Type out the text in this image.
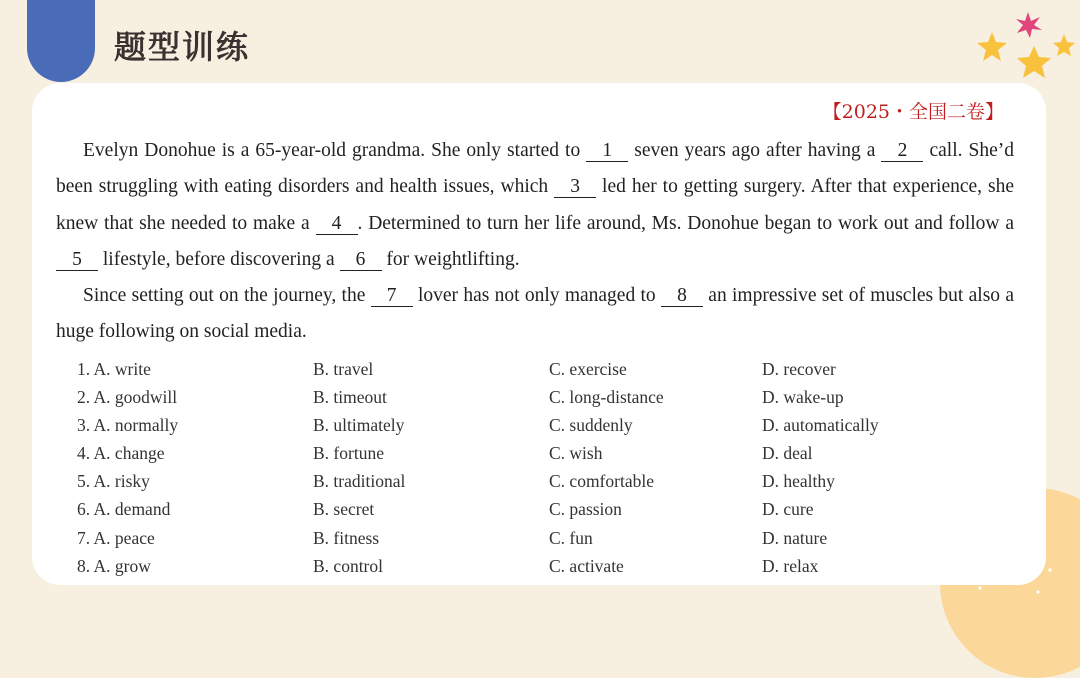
题型训练
【2025・全国二卷】

Evelyn Donohue is a 65-year-old grandma. She only started to 1 seven years ago after having a 2 call. She’d been struggling with eating disorders and health issues, which 3 led her to getting surgery. After that experience, she knew that she needed to make a 4 . Determined to turn her life around, Ms. Donohue began to work out and follow a 5 lifestyle, before discovering a 6 for weightlifting.

Since setting out on the journey, the 7 lover has not only managed to 8 an impressive set of muscles but also a huge following on social media.

1. A. write	B. travel	C. exercise	D. recover
2. A. goodwill	B. timeout	C. long-distance	D. wake-up
3. A. normally	B. ultimately	C. suddenly	D. automatically
4. A. change	B. fortune	C. wish	D. deal
5. A. risky	B. traditional	C. comfortable	D. healthy
6. A. demand	B. secret	C. passion	D. cure
7. A. peace	B. fitness	C. fun	D. nature
8. A. grow	B. control	C. activate	D. relax
